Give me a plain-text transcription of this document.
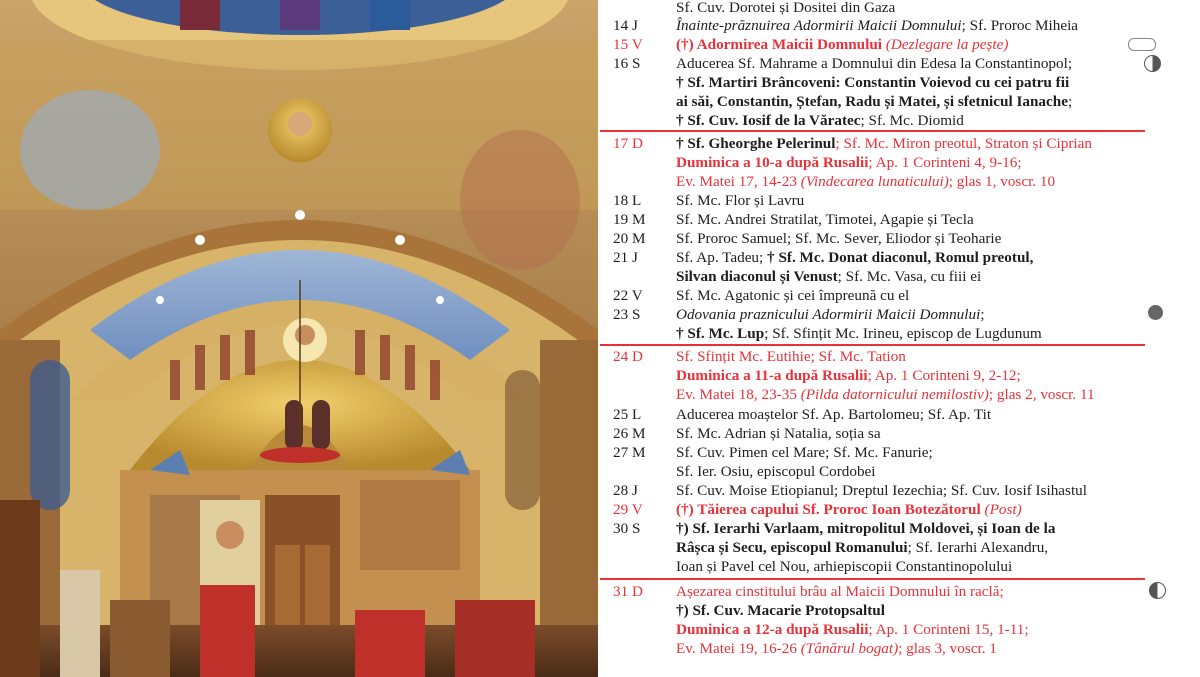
Sf. Cuv. Dorotei și Dositei din Gaza
14 J	Înainte-prăznuirea Adormirii Maicii Domnului; Sf. Proroc Miheia
15 V (†) Adormirea Maicii Domnului (Dezlegare la pește)
16 S Aducerea Sf. Mahrame a Domnului din Edesa la Constantinopol;
† Sf. Martiri Brâncoveni: Constantin Voievod cu cei patru fii
ai săi, Constantin, Ștefan, Radu și Matei, și sfetnicul Ianache;
† Sf. Cuv. Iosif de la Văratec; Sf. Mc. Diomid
17 D † Sf. Gheorghe Pelerinul; Sf. Mc. Miron preotul, Straton și Ciprian
Duminica a 10-a după Rusalii; Ap. 1 Corinteni 4, 9-16;
Ev. Matei 17, 14-23 (Vindecarea lunaticului); glas 1, voscr. 10
18 L Sf. Mc. Flor și Lavru
19 M Sf. Mc. Andrei Stratilat, Timotei, Agapie și Tecla
20 M Sf. Proroc Samuel; Sf. Mc. Sever, Eliodor și Teoharie
21 J	Sf. Ap. Tadeu; † Sf. Mc. Donat diaconul, Romul preotul,
Silvan diaconul și Venust; Sf. Mc. Vasa, cu fiii ei
22 V Sf. Mc. Agatonic și cei împreună cu el
23 S Odovania praznicului Adormirii Maicii Domnului;
† Sf. Mc. Lup; Sf. Sfințit Mc. Irineu, episcop de Lugdunum
24 D Sf. Sfințit Mc. Eutihie; Sf. Mc. Tation
Duminica a 11-a după Rusalii; Ap. 1 Corinteni 9, 2-12;
Ev. Matei 18, 23-35 (Pilda datornicului nemilostiv); glas 2, voscr. 11
25 L Aducerea moaștelor Sf. Ap. Bartolomeu; Sf. Ap. Tit
26 M Sf. Mc. Adrian și Natalia, soția sa
27 M Sf. Cuv. Pimen cel Mare; Sf. Mc. Fanurie;
Sf. Ier. Osiu, episcopul Cordobei
28 J	Sf. Cuv. Moise Etiopianul; Dreptul Iezechia; Sf. Cuv. Iosif Isihastul
29 V (†) Tăierea capului Sf. Proroc Ioan Botezătorul (Post)
30 S †) Sf. Ierarhi Varlaam, mitropolitul Moldovei, și Ioan de la
Râșca și Secu, episcopul Romanului; Sf. Ierarhi Alexandru,
Ioan și Pavel cel Nou, arhiepiscopii Constantinopolului
31 D Așezarea cinstitului brâu al Maicii Domnului în raclă;
†) Sf. Cuv. Macarie Protopsaltul
Duminica a 12-a după Rusalii; Ap. 1 Corinteni 15, 1-11;
Ev. Matei 19, 16-26 (Tânărul bogat); glas 3, voscr. 1
